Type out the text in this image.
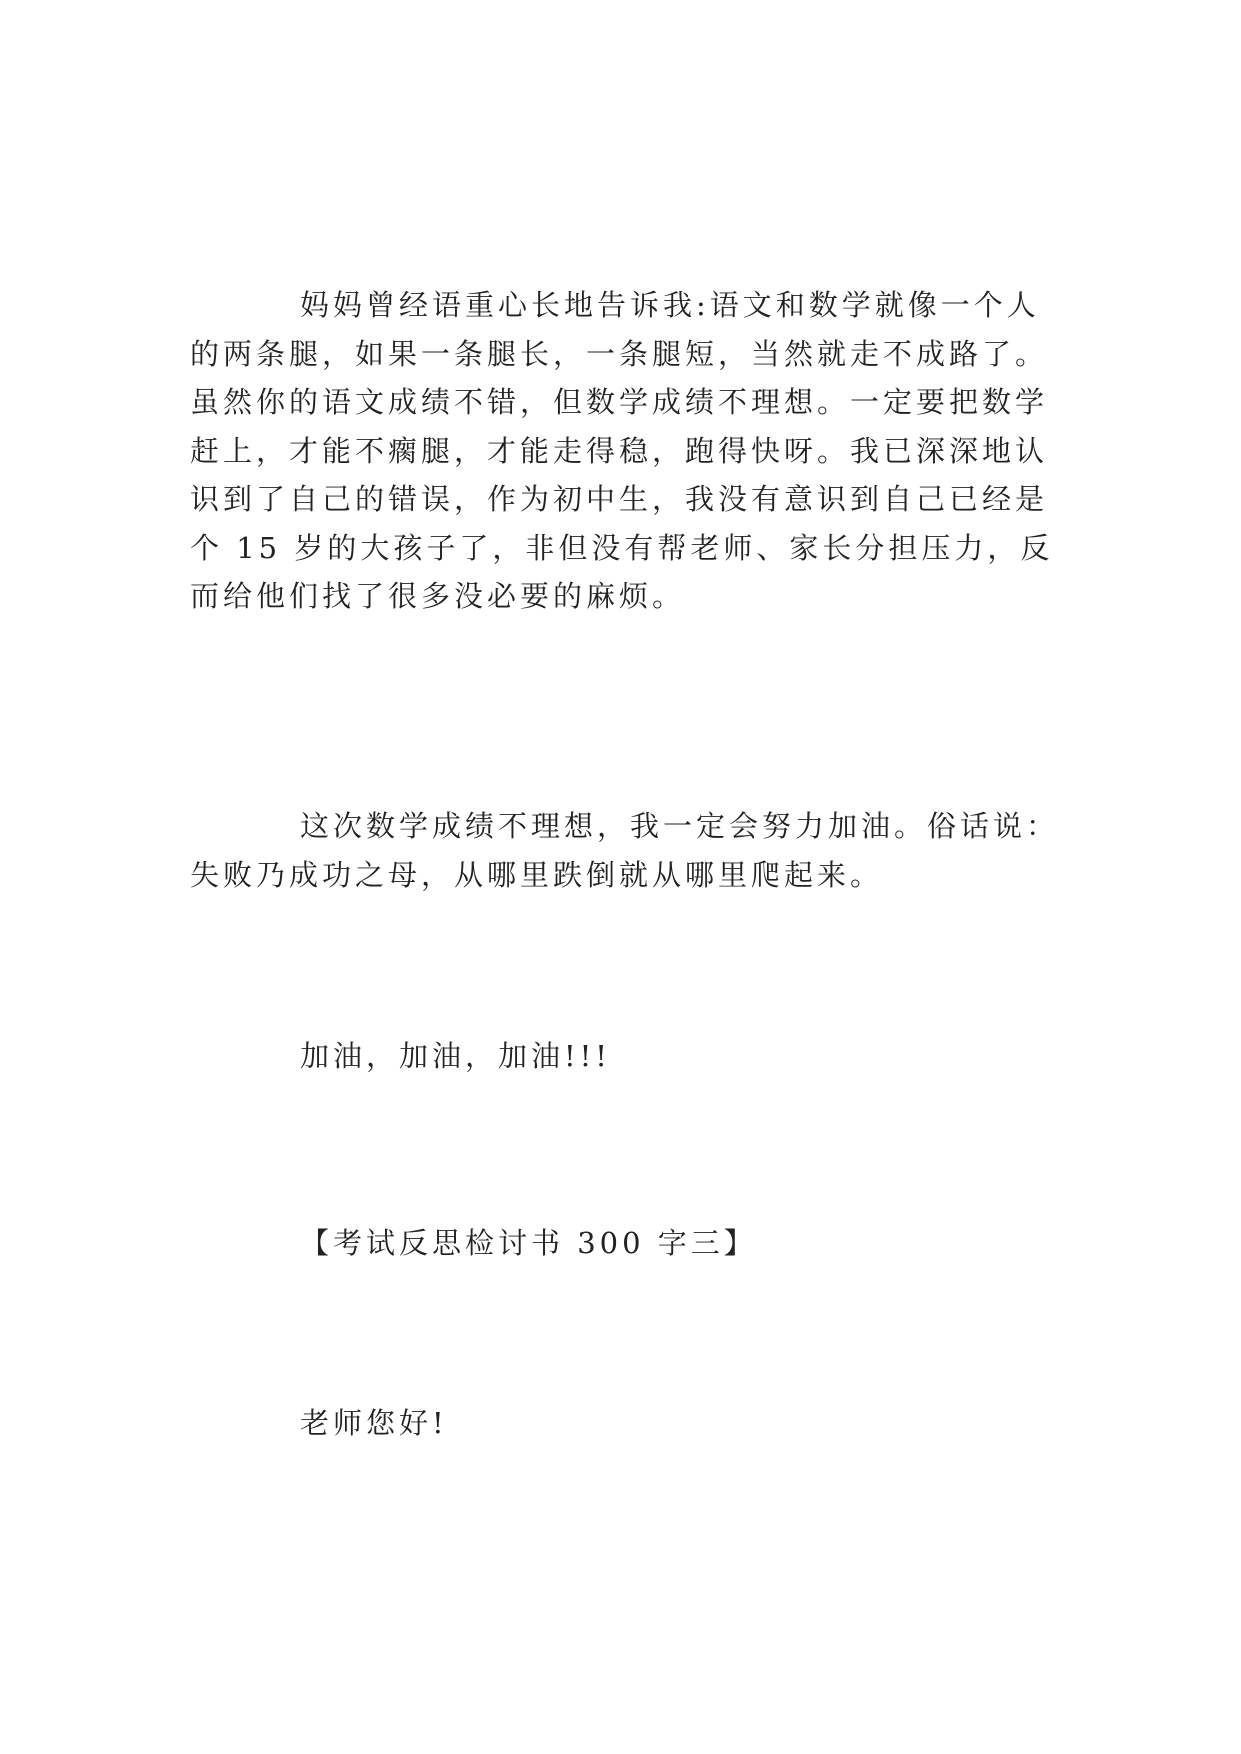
妈妈曾经语重心长地告诉我:语文和数学就像一个人
的两条腿，如果一条腿长，一条腿短，当然就走不成路了。
虽然你的语文成绩不错，但数学成绩不理想。一定要把数学
赶上，才能不瘸腿，才能走得稳，跑得快呀。我已深深地认
识到了自己的错误，作为初中生，我没有意识到自己已经是
个 15 岁的大孩子了，非但没有帮老师、家长分担压力，反
而给他们找了很多没必要的麻烦。
这次数学成绩不理想，我一定会努力加油。俗话说：
失败乃成功之母，从哪里跌倒就从哪里爬起来。
加油，加油，加油!!!
【考试反思检讨书 300 字三】
老师您好!
